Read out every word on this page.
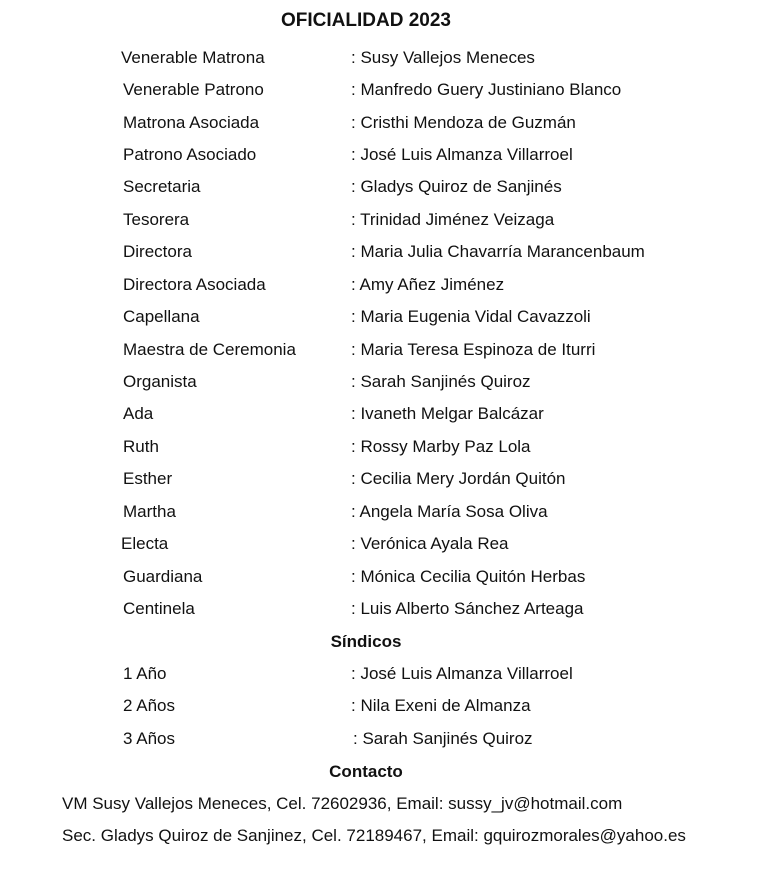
OFICIALIDAD 2023
Venerable Matrona	: Susy Vallejos Meneces
Venerable Patrono	: Manfredo Guery Justiniano Blanco
Matrona Asociada	: Cristhi Mendoza de Guzmán
Patrono Asociado	: José Luis Almanza Villarroel
Secretaria	: Gladys Quiroz de Sanjinés
Tesorera	: Trinidad Jiménez Veizaga
Directora	: Maria Julia Chavarría Marancenbaum
Directora Asociada	: Amy Añez Jiménez
Capellana	: Maria Eugenia Vidal Cavazzoli
Maestra de Ceremonia	: Maria Teresa Espinoza de Iturri
Organista	: Sarah Sanjinés Quiroz
Ada	: Ivaneth Melgar Balcázar
Ruth	: Rossy Marby Paz Lola
Esther	: Cecilia Mery Jordán Quitón
Martha	: Angela María Sosa Oliva
Electa	: Verónica Ayala Rea
Guardiana	: Mónica Cecilia Quitón Herbas
Centinela	: Luis Alberto Sánchez Arteaga
Síndicos
1 Año	: José Luis Almanza Villarroel
2 Años	: Nila Exeni de Almanza
3 Años	: Sarah Sanjinés Quiroz
Contacto
VM Susy Vallejos Meneces, Cel. 72602936, Email: sussy_jv@hotmail.com
Sec. Gladys Quiroz de Sanjinez, Cel. 72189467, Email: gquirozmorales@yahoo.es
